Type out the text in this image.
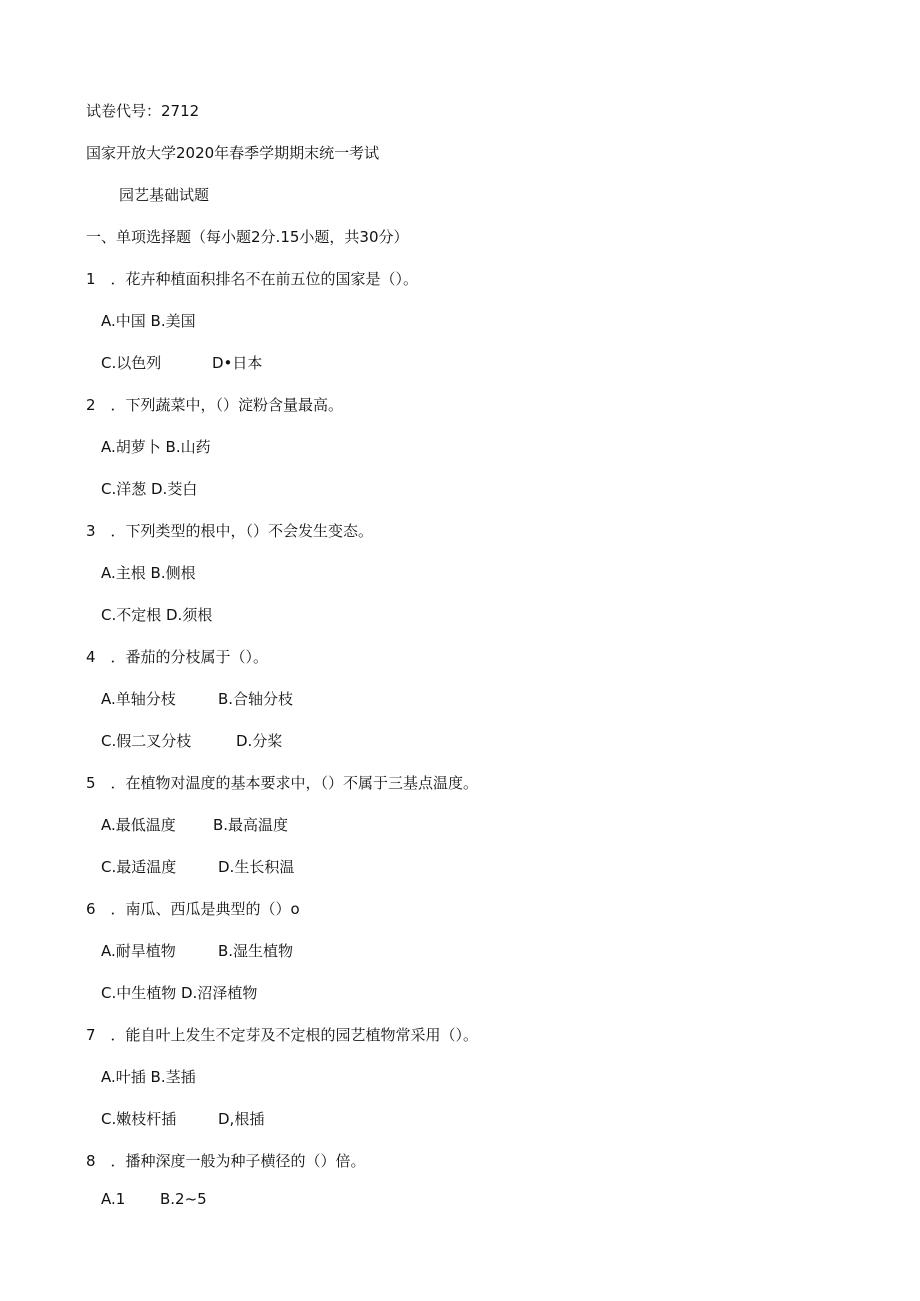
试卷代号：2712
国家开放大学2020年春季学期期末统一考试
园艺基础试题
一、单项选择题（每小题2分.15小题，共30分）
1　．花卉种植面积排名不在前五位的国家是（）。
A.中国 B.美国
C.以色列	D•日本
2　．下列蔬菜中，（）淀粉含量最高。
A.胡萝卜 B.山药
C.洋葱 D.茭白
3　．下列类型的根中，（）不会发生变态。
A.主根 B.侧根
C.不定根 D.须根
4　．番茄的分枝属于（）。
A.单轴分枝	B.合轴分枝
C.假二叉分枝	D.分桨
5　．在植物对温度的基本要求中，（）不属于三基点温度。
A.最低温度 B.最高温度
C.最适温度	D.生长积温
6　．南瓜、西瓜是典型的（）o
A.耐旱植物	B.湿生植物
C.中生植物 D.沼泽植物
7　．能自叶上发生不定芽及不定根的园艺植物常采用（）。
A.叶插 B.茎插
C.嫩枝杆插	D,根插
8　．播种深度一般为种子横径的（）倍。
A.1 B.2~5
